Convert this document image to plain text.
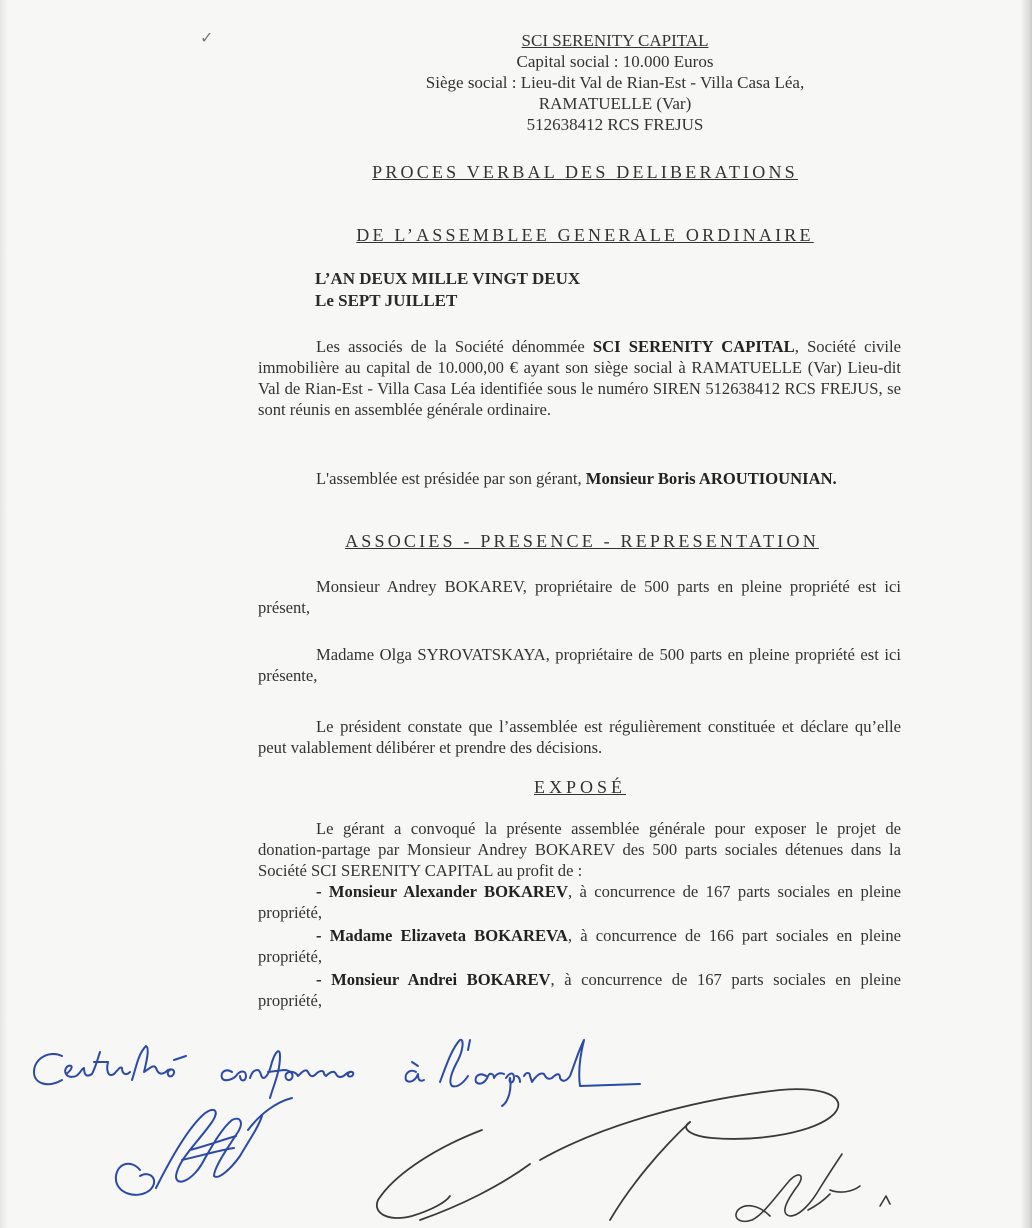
✓	SCI SERENITY CAPITAL
Capital social : 10.000 Euros
Siège social : Lieu-dit Val de Rian-Est - Villa Casa Léa,
RAMATUELLE (Var)
512638412 RCS FREJUS
PROCES VERBAL DES DELIBERATIONS
DE L’ASSEMBLEE GENERALE ORDINAIRE
L’AN DEUX MILLE VINGT DEUX
Le SEPT JUILLET
Les associés de la Société dénommée SCI SERENITY CAPITAL, Société civile immobilière au capital de 10.000,00 € ayant son siège social à RAMATUELLE (Var) Lieu-dit Val de Rian-Est - Villa Casa Léa identifiée sous le numéro SIREN 512638412 RCS FREJUS, se sont réunis en assemblée générale ordinaire.
L'assemblée est présidée par son gérant, Monsieur Boris AROUTIOUNIAN.
ASSOCIES - PRESENCE - REPRESENTATION
Monsieur Andrey BOKAREV, propriétaire de 500 parts en pleine propriété est ici présent,
Madame Olga SYROVATSKAYA, propriétaire de 500 parts en pleine propriété est ici présente,
Le président constate que l’assemblée est régulièrement constituée et déclare qu’elle peut valablement délibérer et prendre des décisions.
EXPOSÉ
Le gérant a convoqué la présente assemblée générale pour exposer le projet de donation-partage par Monsieur Andrey BOKAREV des 500 parts sociales détenues dans la Société SCI SERENITY CAPITAL au profit de :
- Monsieur Alexander BOKAREV, à concurrence de 167 parts sociales en pleine propriété,
- Madame Elizaveta BOKAREVA, à concurrence de 166 part sociales en pleine propriété,
- Monsieur Andrei BOKAREV, à concurrence de 167 parts sociales en pleine propriété,
